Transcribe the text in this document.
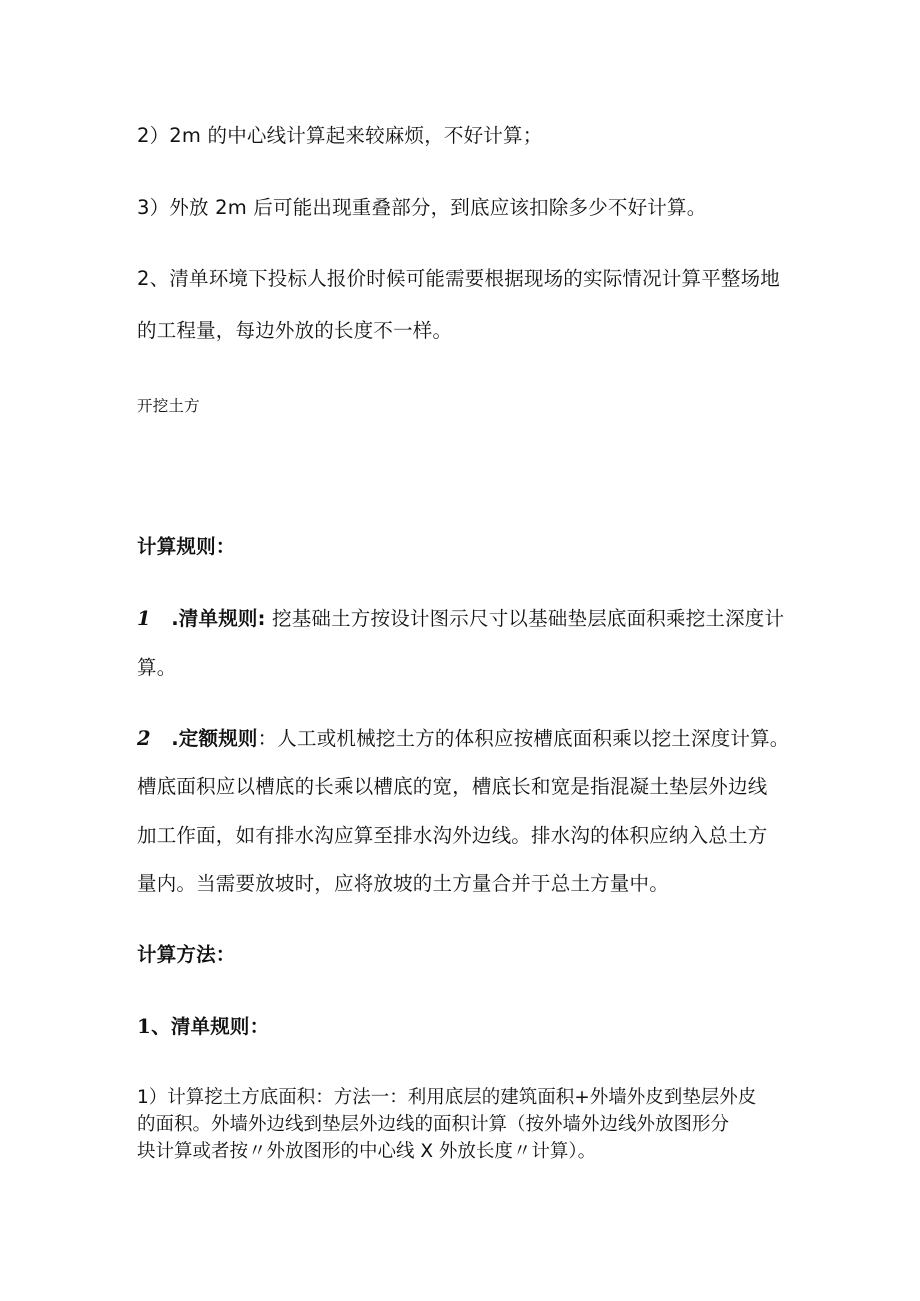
2）2m 的中心线计算起来较麻烦，不好计算；
3）外放 2m 后可能出现重叠部分，到底应该扣除多少不好计算。
2、清单环境下投标人报价时候可能需要根据现场的实际情况计算平整场地
的工程量，每边外放的长度不一样。
开挖土方
计算规则：
1 .清单规则: 挖基础土方按设计图示尺寸以基础垫层底面积乘挖土深度计
算。
2 .定额规则：人工或机械挖土方的体积应按槽底面积乘以挖土深度计算。
槽底面积应以槽底的长乘以槽底的宽，槽底长和宽是指混凝土垫层外边线
加工作面，如有排水沟应算至排水沟外边线。排水沟的体积应纳入总土方
量内。当需要放坡时，应将放坡的土方量合并于总土方量中。
计算方法：
1、清单规则：
1）计算挖土方底面积：方法一：利用底层的建筑面积+外墙外皮到垫层外皮
的面积。外墙外边线到垫层外边线的面积计算（按外墙外边线外放图形分
块计算或者按〃外放图形的中心线 X 外放长度〃计算）。
